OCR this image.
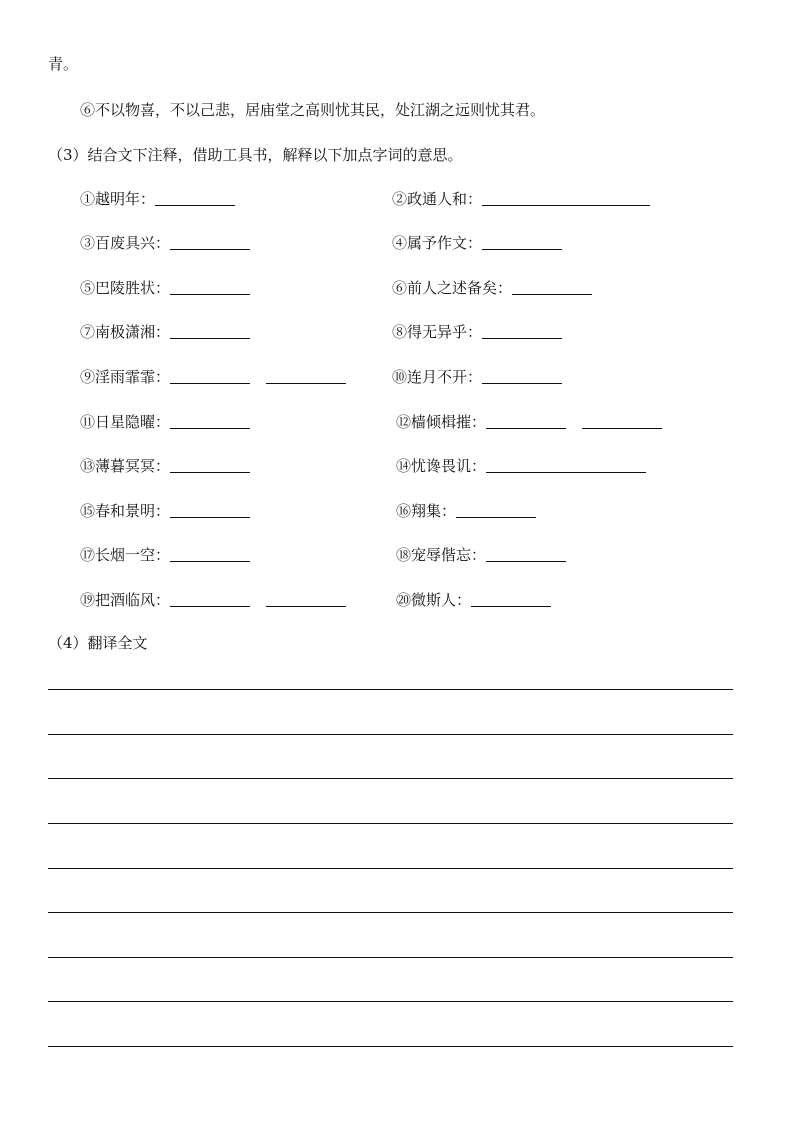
青。
⑥不以物喜，不以己悲，居庙堂之高则忧其民，处江湖之远则忧其君。
（3）结合文下注释，借助工具书，解释以下加点字词的意思。
①越明年：	②政通人和：
③百废具兴：	④属予作文：
⑤巴陵胜状：	⑥前人之述备矣：
⑦南极潇湘：	⑧得无异乎：
⑨淫雨霏霏：	⑩连月不开：
⑪日星隐曜：	⑫樯倾楫摧：
⑬薄暮冥冥：	⑭忧谗畏讥：
⑮春和景明：	⑯翔集：
⑰长烟一空：	⑱宠辱偕忘：
⑲把酒临风：	⑳微斯人：
（4）翻译全文
